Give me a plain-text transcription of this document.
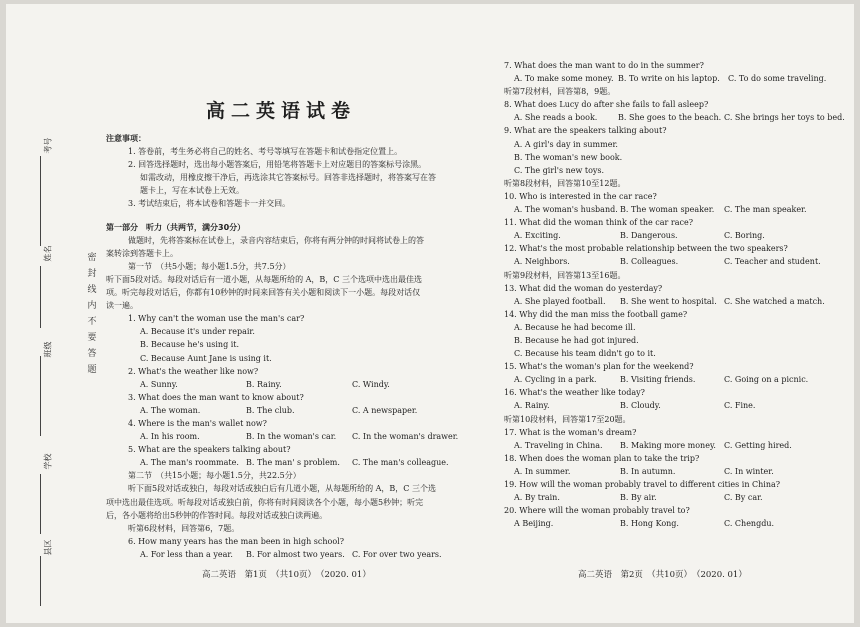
考号
姓名
班级
学校
县区
密封线内不要答题
高二英语试卷

注意事项：

1. 答卷前，考生务必将自己的姓名、考号等填写在答题卡和试卷指定位置上。

2. 回答选择题时，选出每小题答案后，用铅笔将答题卡上对应题目的答案标号涂黑。

如需改动，用橡皮擦干净后，再选涂其它答案标号。回答非选择题时，将答案写在答

题卡上，写在本试卷上无效。

3. 考试结束后，将本试卷和答题卡一并交回。

第一部分　听力（共两节，满分30分）

做题时，先将答案标在试卷上，录音内容结束后，你将有两分钟的时间将试卷上的答

案转涂到答题卡上。

第一节　（共5小题；每小题1.5分，共7.5分）

听下面5段对话。每段对话后有一道小题，从每题所给的 A，B，C 三个选项中选出最佳选

项。听完每段对话后，你都有10秒钟的时间来回答有关小题和阅读下一小题。每段对话仅

读一遍。

1. Why can't the woman use the man's car?

A. Because it's under repair.

B. Because he's using it.

C. Because Aunt Jane is using it.

2. What's the weather like now?

A. Sunny.	B. Rainy.	C. Windy.

3. What does the man want to know about?

A. The woman.	B. The club.	C. A newspaper.

4. Where is the man's wallet now?

A. In his room.	B. In the woman's car.	C. In the woman's drawer.

5. What are the speakers talking about?

A. The man's roommate. B. The man' s problem.	C. The man's colleague.

第二节　（共15小题；每小题1.5分，共22.5分）

听下面5段对话或独白，每段对话或独白后有几道小题，从每题所给的 A，B，C 三个选

项中选出最佳选项。听每段对话或独白前，你将有时间阅读各个小题，每小题5秒钟；听完

后，各小题将给出5秒钟的作答时间。每段对话或独白读两遍。

听第6段材料，回答第6，7题。

6. How many years has the man been in high school?

A. For less than a year.	B. For almost two years. C. For over two years.

7. What does the man want to do in the summer?

A. To make some money. B. To write on his laptop.	C. To do some traveling.

听第7段材料，回答第8，9题。

8. What does Lucy do after she fails to fall asleep?

A. She reads a book.	B. She goes to the beach. C. She brings her toys to bed.

9. What are the speakers talking about?

A. A girl's day in summer.

B. The woman's new book.

C. The girl's new toys.

听第8段材料，回答第10至12题。

10. Who is interested in the car race?

A. The woman's husband. B. The woman speaker.	C. The man speaker.

11. What did the woman think of the car race?

A. Exciting.	B. Dangerous.	C. Boring.

12. What's the most probable relationship between the two speakers?

A. Neighbors.	B. Colleagues.	C. Teacher and student.

听第9段材料，回答第13至16题。

13. What did the woman do yesterday?

A. She played football.	B. She went to hospital. C. She watched a match.

14. Why did the man miss the football game?

A. Because he had become ill.

B. Because he had got injured.

C. Because his team didn't go to it.

15. What's the woman's plan for the weekend?

A. Cycling in a park.	B. Visiting friends.	C. Going on a picnic.

16. What's the weather like today?

A. Rainy.	B. Cloudy.	C. Fine.

听第10段材料，回答第17至20题。

17. What is the woman's dream?

A. Traveling in China.	B. Making more money.	C. Getting hired.

18. When does the woman plan to take the trip?

A. In summer.	B. In autumn.	C. In winter.

19. How will the woman probably travel to different cities in China?

A. By train.	B. By air.	C. By car.

20. Where will the woman probably travel to?

A Beijing.	B. Hong Kong.	C. Chengdu.

高二英语　第1页　（共10页）　（2020. 01）	高二英语　第2页　（共10页）　（2020. 01）
